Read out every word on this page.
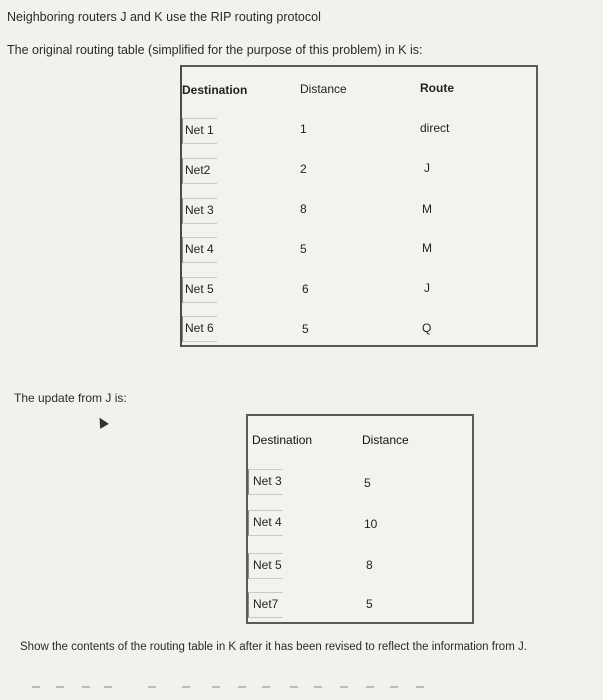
Neighboring routers J and K use the RIP routing protocol
The original routing table (simplified for the purpose of this problem) in K is:
Destination	Distance	Route
Net 1	1	direct
Net2	2	J
Net 3	8	M
Net 4	5	M
Net 5	6	J
Net 6	5	Q
The update from J is:
Destination	Distance
Net 3	5
Net 4	10
Net 5	8
Net7	5
Show the contents of the routing table in K after it has been revised to reflect the information from J.
